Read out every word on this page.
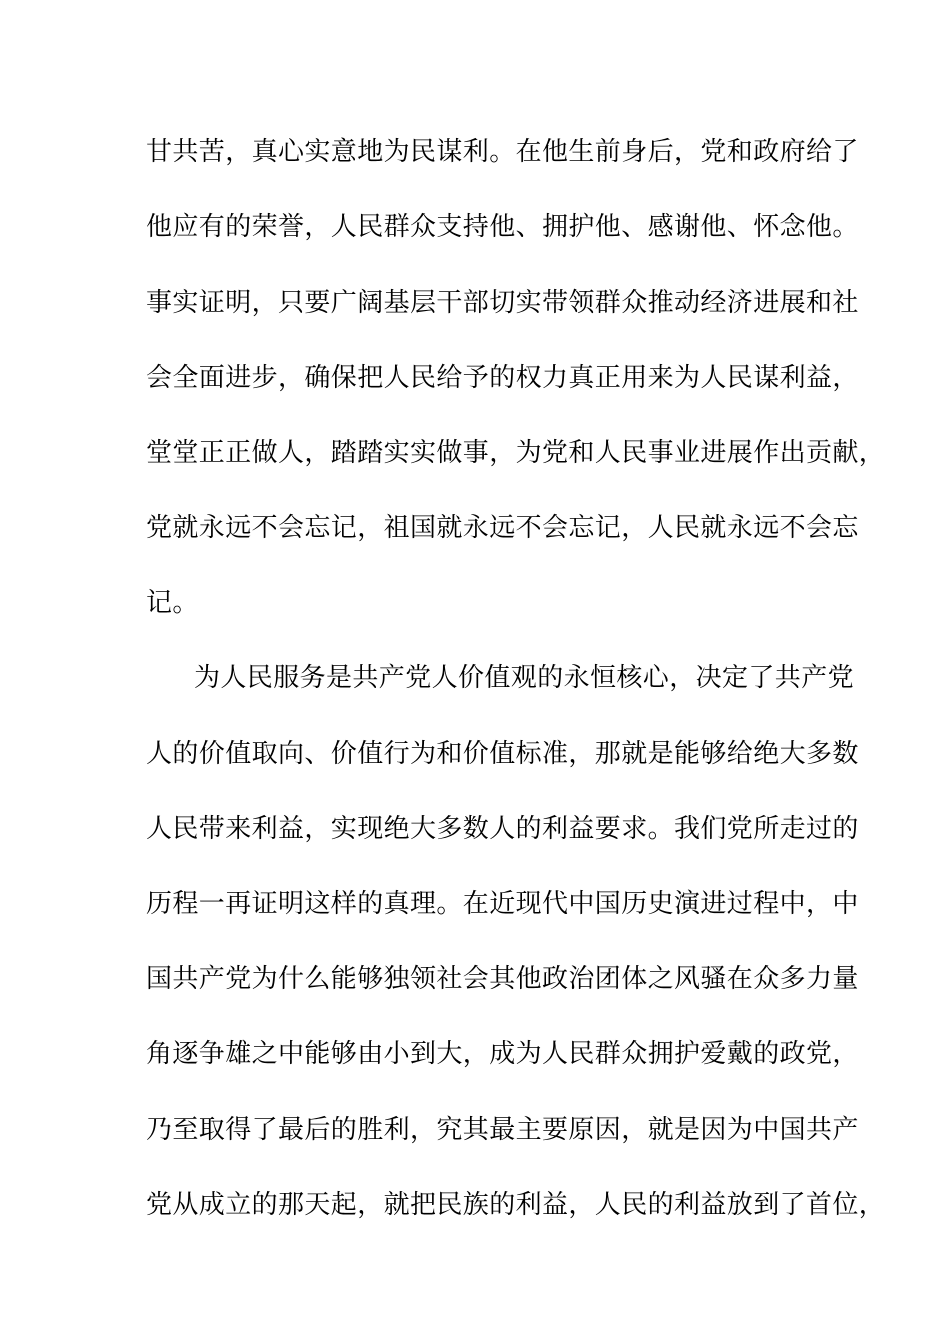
甘共苦，真心实意地为民谋利。在他生前身后，党和政府给了
他应有的荣誉，人民群众支持他、拥护他、感谢他、怀念他。
事实证明，只要广阔基层干部切实带领群众推动经济进展和社
会全面进步，确保把人民给予的权力真正用来为人民谋利益，
堂堂正正做人，踏踏实实做事，为党和人民事业进展作出贡献，
党就永远不会忘记，祖国就永远不会忘记，人民就永远不会忘
记。
为人民服务是共产党人价值观的永恒核心，决定了共产党
人的价值取向、价值行为和价值标准，那就是能够给绝大多数
人民带来利益，实现绝大多数人的利益要求。我们党所走过的
历程一再证明这样的真理。在近现代中国历史演进过程中，中
国共产党为什么能够独领社会其他政治团体之风骚在众多力量
角逐争雄之中能够由小到大，成为人民群众拥护爱戴的政党，
乃至取得了最后的胜利，究其最主要原因，就是因为中国共产
党从成立的那天起，就把民族的利益，人民的利益放到了首位，
